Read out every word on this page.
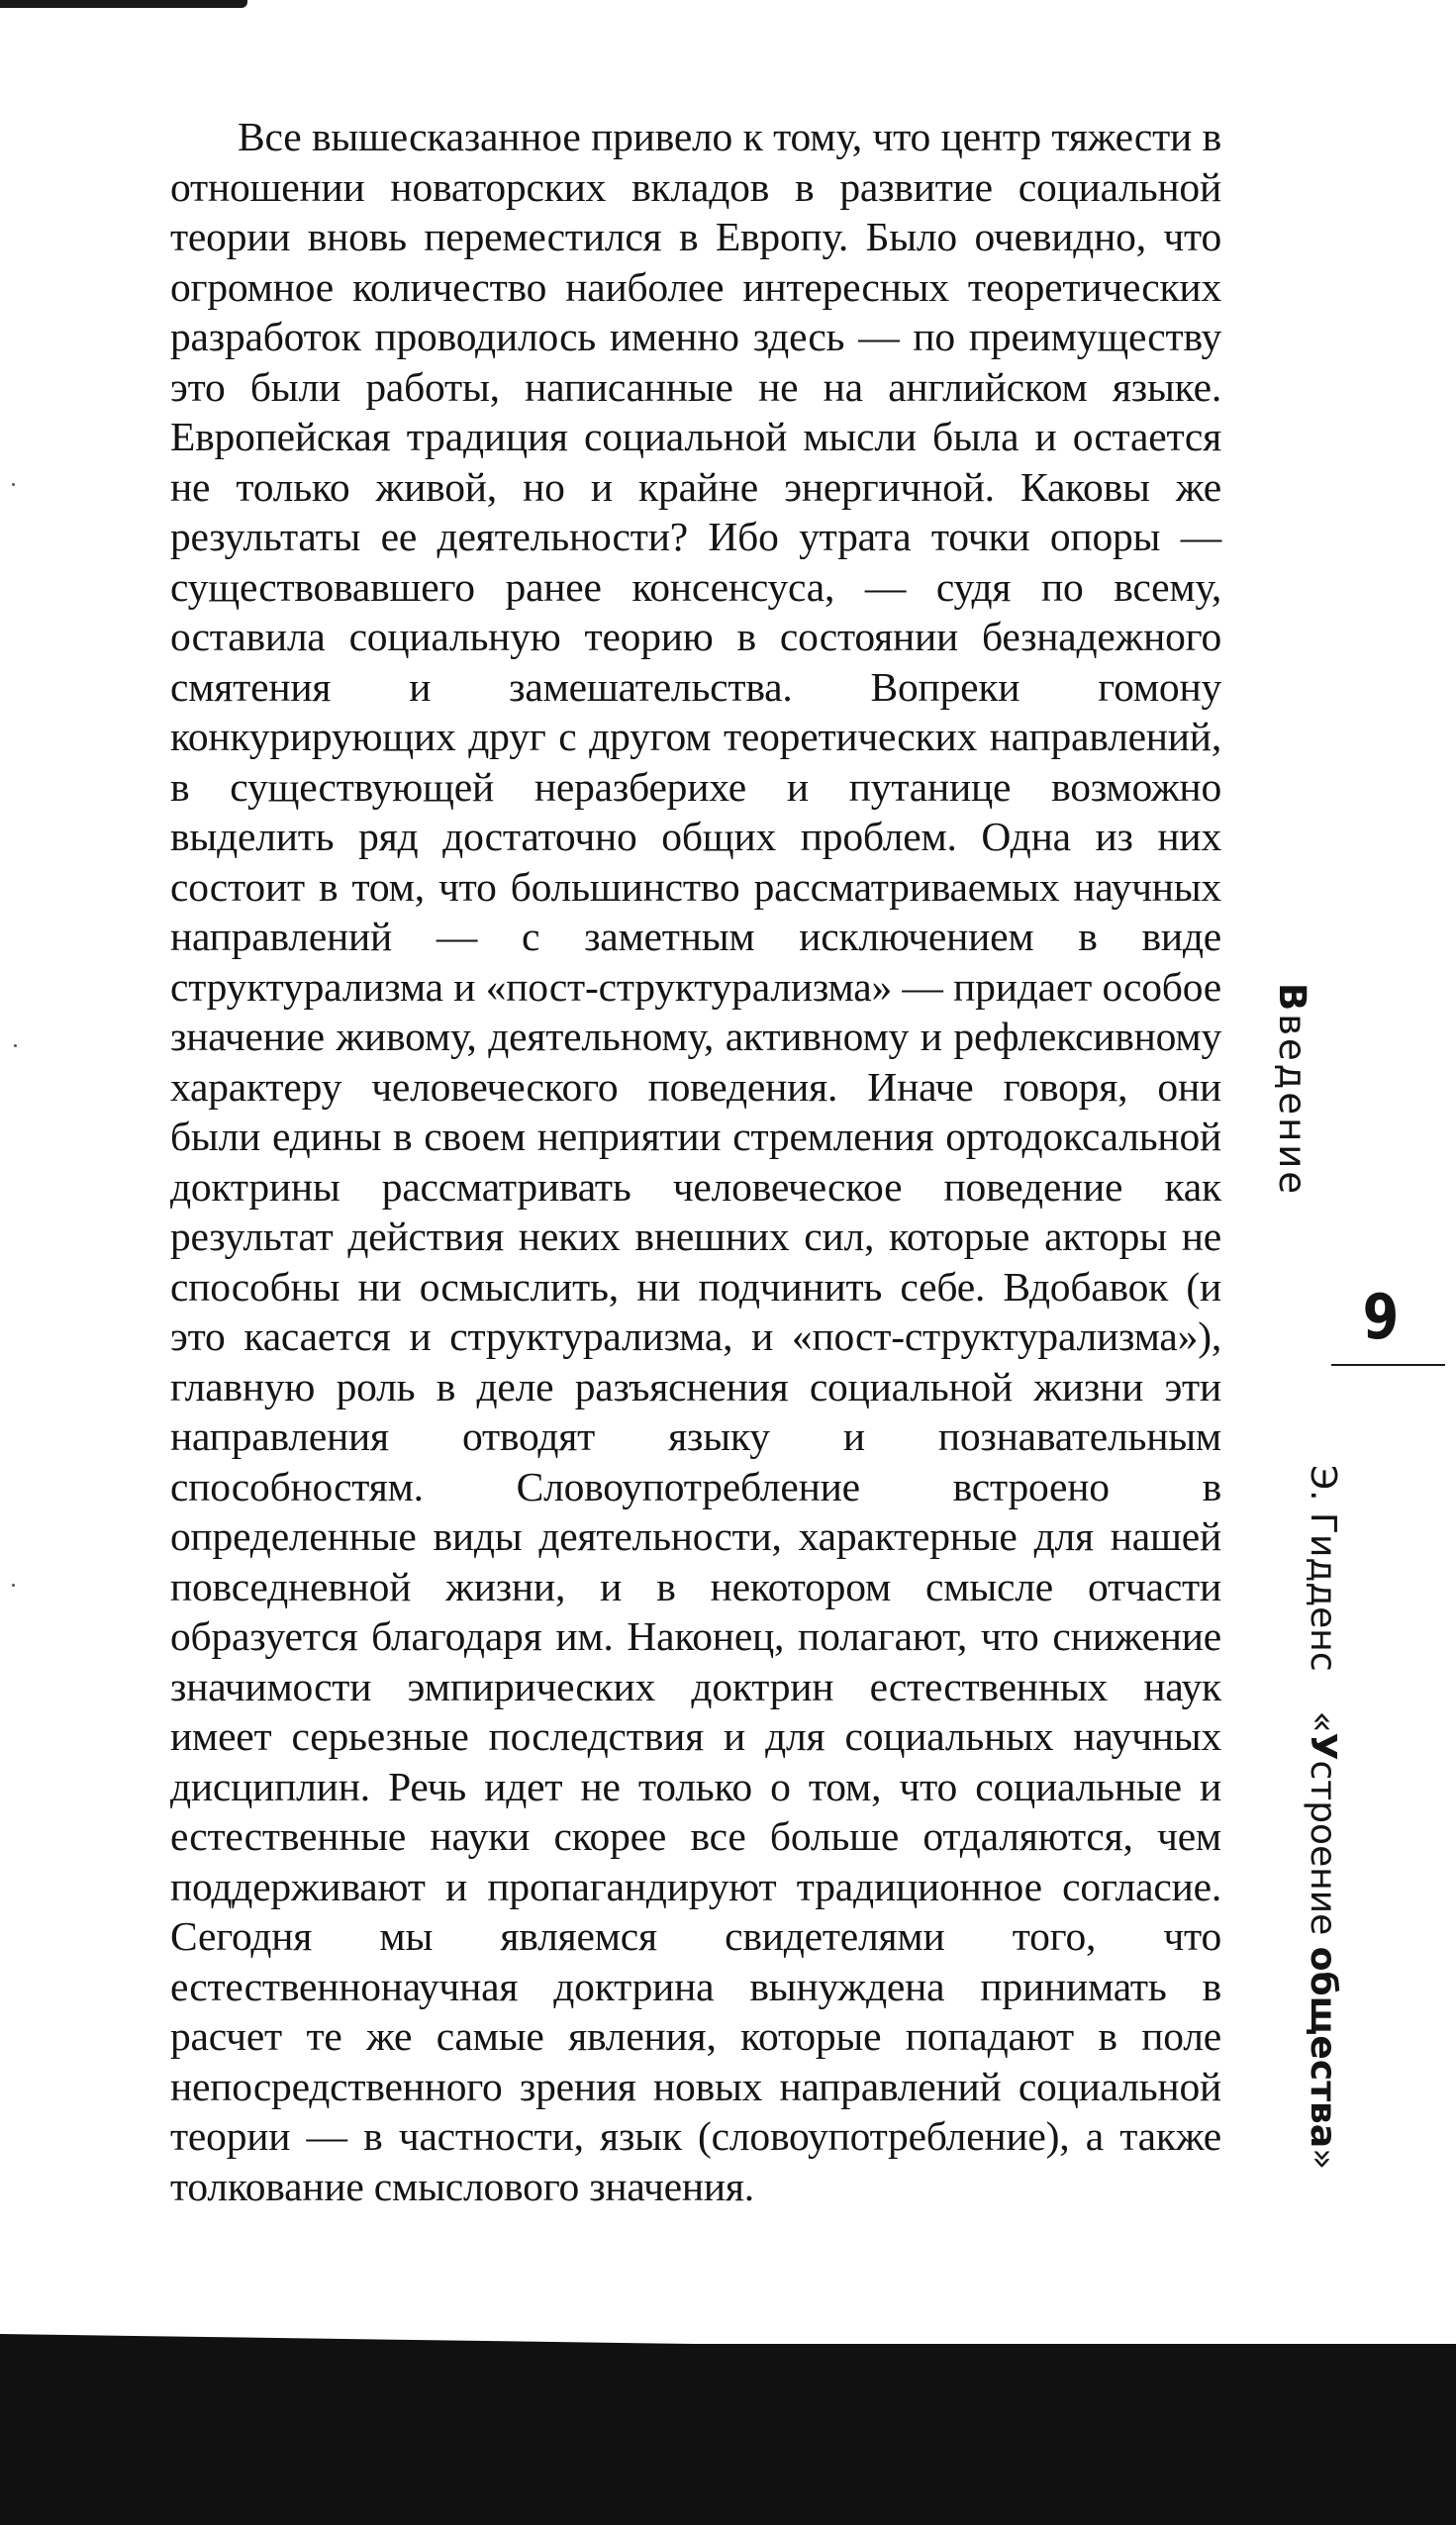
Все вышесказанное привело к тому, что центр тяжести в отношении новаторских вкладов в развитие социальной теории вновь переместился в Европу. Было очевидно, что огромное количество наиболее интересных теоретических разработок проводилось именно здесь — по преимуществу это были работы, написанные не на английском языке. Европейская традиция социальной мысли была и остается не только живой, но и крайне энергичной. Каковы же результаты ее деятельности? Ибо утрата точки опоры — существовавшего ранее консенсуса, — судя по всему, оставила социальную теорию в состоянии безнадежного смятения и замешательства. Вопреки гомону конкурирующих друг с другом теоретических направлений, в существующей неразберихе и путанице возможно выделить ряд достаточно общих проблем. Одна из них состоит в том, что большинство рассматриваемых научных направлений — с заметным исключением в виде структурализма и «пост-структурализма» — придает особое значение живому, деятельному, активному и рефлексивному характеру человеческого поведения. Иначе говоря, они были едины в своем неприятии стремления ортодоксальной доктрины рассматривать человеческое поведение как результат действия неких внешних сил, которые акторы не способны ни осмыслить, ни подчинить себе. Вдобавок (и это касается и структурализма, и «пост-структурализма»), главную роль в деле разъяснения социальной жизни эти направления отводят языку и познавательным способностям. Словоупотребление встроено в определенные виды деятельности, характерные для нашей повседневной жизни, и в некотором смысле отчасти образуется благодаря им. Наконец, полагают, что снижение значимости эмпирических доктрин естественных наук имеет серьезные последствия и для социальных научных дисциплин. Речь идет не только о том, что социальные и естественные науки скорее все больше отдаляются, чем поддерживают и пропагандируют традиционное согласие. Сегодня мы являемся свидетелями того, что естественнонаучная доктрина вынуждена принимать в расчет те же самые явления, которые попадают в поле непосредственного зрения новых направлений социальной теории — в частности, язык (словоупотребление), а также толкование смыслового значения.

Введение
9
Э. Гидденс«Устроение общества»
